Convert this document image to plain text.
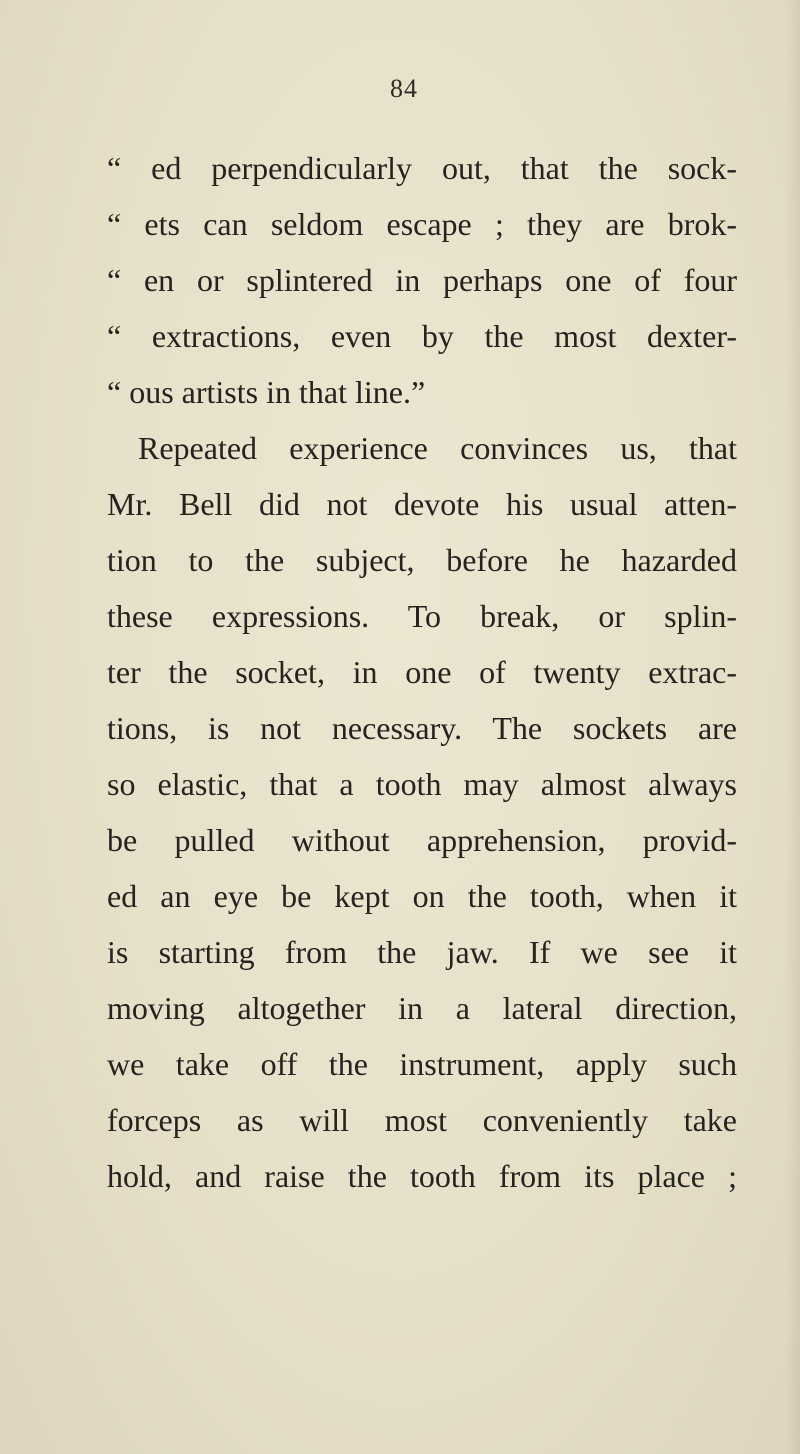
84
“ ed perpendicularly out, that the sock-
“ ets can seldom escape ; they are brok-
“ en or splintered in perhaps one of four
“ extractions, even by the most dexter-
“ ous artists in that line.”
Repeated experience convinces us, that
Mr. Bell did not devote his usual atten-
tion to the subject, before he hazarded
these expressions. To break, or splin-
ter the socket, in one of twenty extrac-
tions, is not necessary. The sockets are
so elastic, that a tooth may almost always
be pulled without apprehension, provid-
ed an eye be kept on the tooth, when it
is starting from the jaw. If we see it
moving altogether in a lateral direction,
we take off the instrument, apply such
forceps as will most conveniently take
hold, and raise the tooth from its place ;
